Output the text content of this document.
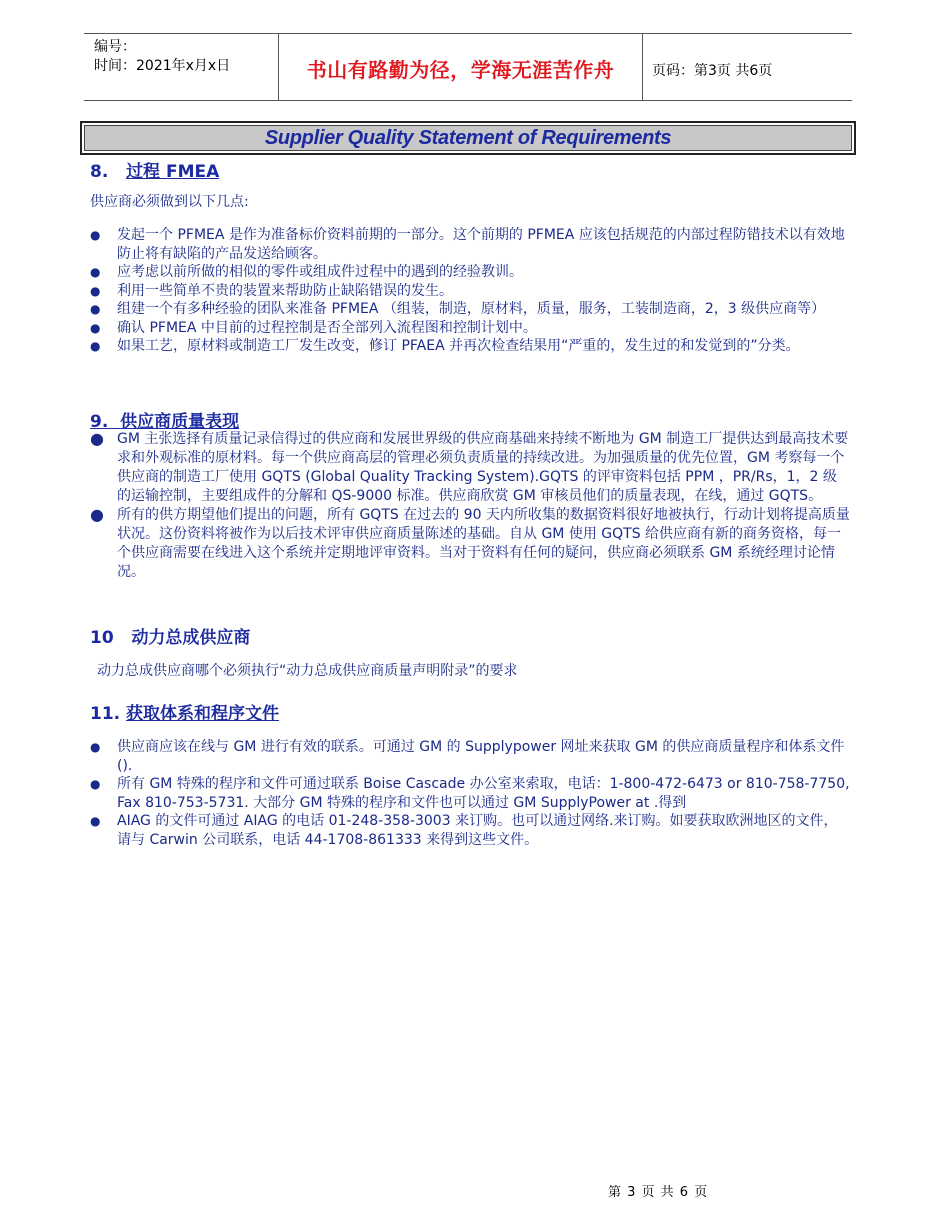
编号：
时间：2021年x月x日	书山有路勤为径，学海无涯苦作舟	页码：第3页 共6页
Supplier Quality Statement of Requirements
8. 过程 FMEA
供应商必须做到以下几点:
● 发起一个 PFMEA 是作为准备标价资料前期的一部分。这个前期的 PFMEA 应该包括规范的内部过程防错技术以有效地防止将有缺陷的产品发送给顾客。
● 应考虑以前所做的相似的零件或组成件过程中的遇到的经验教训。
● 利用一些简单不贵的装置来帮助防止缺陷错误的发生。
● 组建一个有多种经验的团队来准备 PFMEA （组装，制造，原材料，质量，服务，工装制造商，2，3 级供应商等）
● 确认 PFMEA 中目前的过程控制是否全部列入流程图和控制计划中。
● 如果工艺，原材料或制造工厂发生改变，修订 PFAEA 并再次检查结果用“严重的，发生过的和发觉到的”分类。
9. 供应商质量表现
● GM 主张选择有质量记录信得过的供应商和发展世界级的供应商基础来持续不断地为 GM 制造工厂提供达到最高技术要求和外观标准的原材料。每一个供应商高层的管理必须负责质量的持续改进。为加强质量的优先位置，GM 考察每一个供应商的制造工厂使用 GQTS (Global Quality Tracking System).GQTS 的评审资料包括 PPM ，PR/Rs，1，2 级的运输控制，主要组成件的分解和 QS-9000 标准。供应商欣赏 GM 审核员他们的质量表现，在线，通过 GQTS。
● 所有的供方期望他们提出的问题，所有 GQTS 在过去的 90 天内所收集的数据资料很好地被执行，行动计划将提高质量状况。这份资料将被作为以后技术评审供应商质量陈述的基础。自从 GM 使用 GQTS 给供应商有新的商务资格，每一个供应商需要在线进入这个系统并定期地评审资料。当对于资料有任何的疑问，供应商必须联系 GM 系统经理讨论情况。
10 动力总成供应商
动力总成供应商哪个必须执行“动力总成供应商质量声明附录”的要求
11. 获取体系和程序文件
● 供应商应该在线与 GM 进行有效的联系。可通过 GM 的 Supplypower 网址来获取 GM 的供应商质量程序和体系文件().
● 所有 GM 特殊的程序和文件可通过联系 Boise Cascade 办公室来索取，电话：1-800-472-6473 or 810-758-7750, Fax 810-753-5731. 大部分 GM 特殊的程序和文件也可以通过 GM SupplyPower at .得到
● AIAG 的文件可通过 AIAG 的电话 01-248-358-3003 来订购。也可以通过网络.来订购。如要获取欧洲地区的文件，请与 Carwin 公司联系，电话 44-1708-861333 来得到这些文件。
第 3 页 共 6 页
